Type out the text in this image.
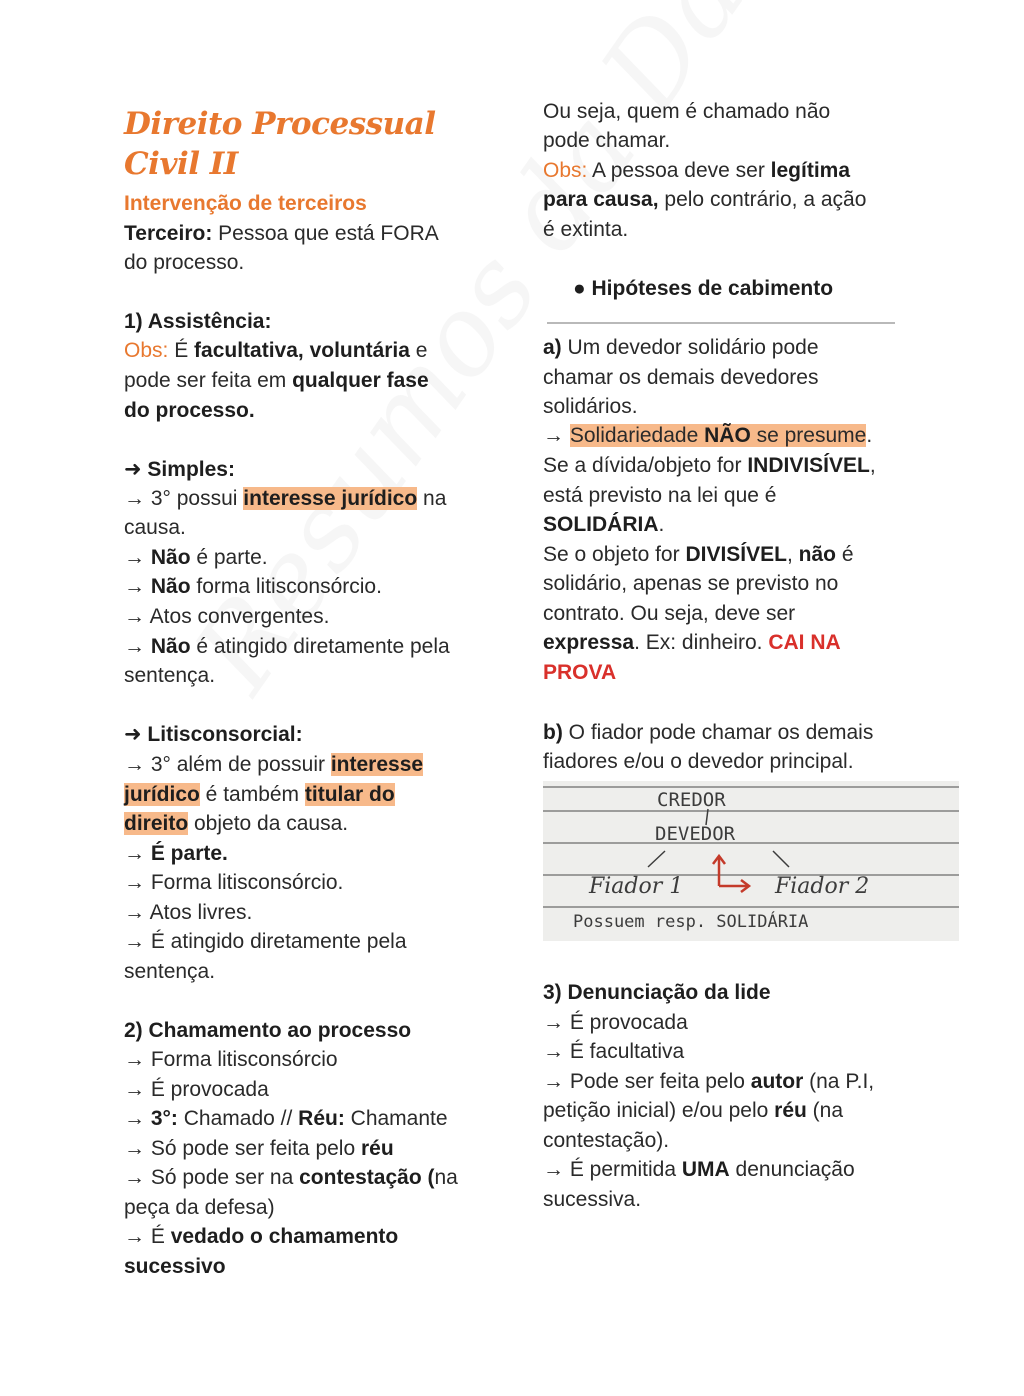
Direito Processual Civil II
Intervenção de terceiros
Terceiro: Pessoa que está FORA
do processo.
1) Assistência:
Obs: É facultativa, voluntária e
pode ser feita em qualquer fase
do processo.
➜ Simples:
→ 3° possui interesse jurídico na
causa.
→ Não é parte.
→ Não forma litisconsórcio.
→ Atos convergentes.
→ Não é atingido diretamente pela
sentença.
➜ Litisconsorcial:
→ 3° além de possuir interesse
jurídico é também titular do
direito objeto da causa.
→ É parte.
→ Forma litisconsórcio.
→ Atos livres.
→ É atingido diretamente pela
sentença.
2) Chamamento ao processo
→ Forma litisconsórcio
→ É provocada
→ 3°: Chamado // Réu: Chamante
→ Só pode ser feita pelo réu
→ Só pode ser na contestação (na
peça da defesa)
→ É vedado o chamamento
sucessivo
Ou seja, quem é chamado não
pode chamar.
Obs: A pessoa deve ser legítima
para causa, pelo contrário, a ação
é extinta.
● Hipóteses de cabimento
a) Um devedor solidário pode
chamar os demais devedores
solidários.
→ Solidariedade NÃO se presume.
Se a dívida/objeto for INDIVISÍVEL,
está previsto na lei que é
SOLIDÁRIA.
Se o objeto for DIVISÍVEL, não é
solidário, apenas se previsto no
contrato. Ou seja, deve ser
expressa. Ex: dinheiro. CAI NA
PROVA
b) O fiador pode chamar os demais
fiadores e/ou o devedor principal.
CREDOR
DEVEDOR
Fiador 1	Fiador 2
Possuem resp. SOLIDÁRIA
3) Denunciação da lide
→ É provocada
→ É facultativa
→ Pode ser feita pelo autor (na P.I,
petição inicial) e/ou pelo réu (na
contestação).
→ É permitida UMA denunciação
sucessiva.
